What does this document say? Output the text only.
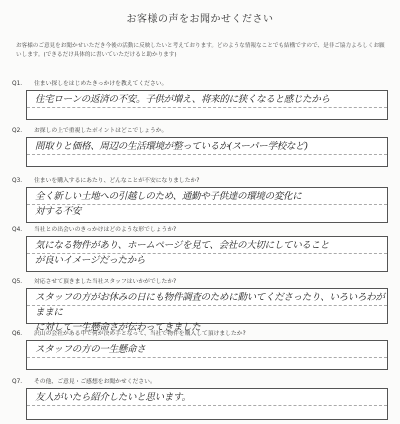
お客様の声をお聞かせください
お客様のご意見をお聞かせいただき今後の活動に反映したいと考えております。どのような情報なことでも結構ですので、是非ご協力よろしくお願いします。(できるだけ具体的に書いていただけると助かります)
Q1. 住まい探しをはじめたきっかけを教えてください。
住宅ローンの返済の不安。子供が増え、将来的に狭くなると感じたから
Q2. お探しの上で重視したポイントはどこでしょうか。
間取りと価格、周辺の生活環境が整っているか(スーパー学校など)
Q3. 住まいを購入するにあたり、どんなことが不安になりましたか?
全く新しい土地への引越しのため、通勤や子供達の環境の変化に
対する不安
Q4. 当社との出会いのきっかけはどのような形でしょうか?
気になる物件があり、ホームページを見て、会社の大切にしていること
が良いイメージだったから
Q5. 対応させて頂きました当社スタッフはいかがでしたか?
スタッフの方がお休みの日にも物件調査のために動いてくださったり、いろいろわがままに
に対して一生懸命さが伝わってきました
Q6. 沢山の会社がある中で何が決め手となって、当社で物件を購入して頂けましたか?
スタッフの方の一生懸命さ
Q7. その他、ご意見・ご感想をお聞かせください。
友人がいたら紹介したいと思います。
